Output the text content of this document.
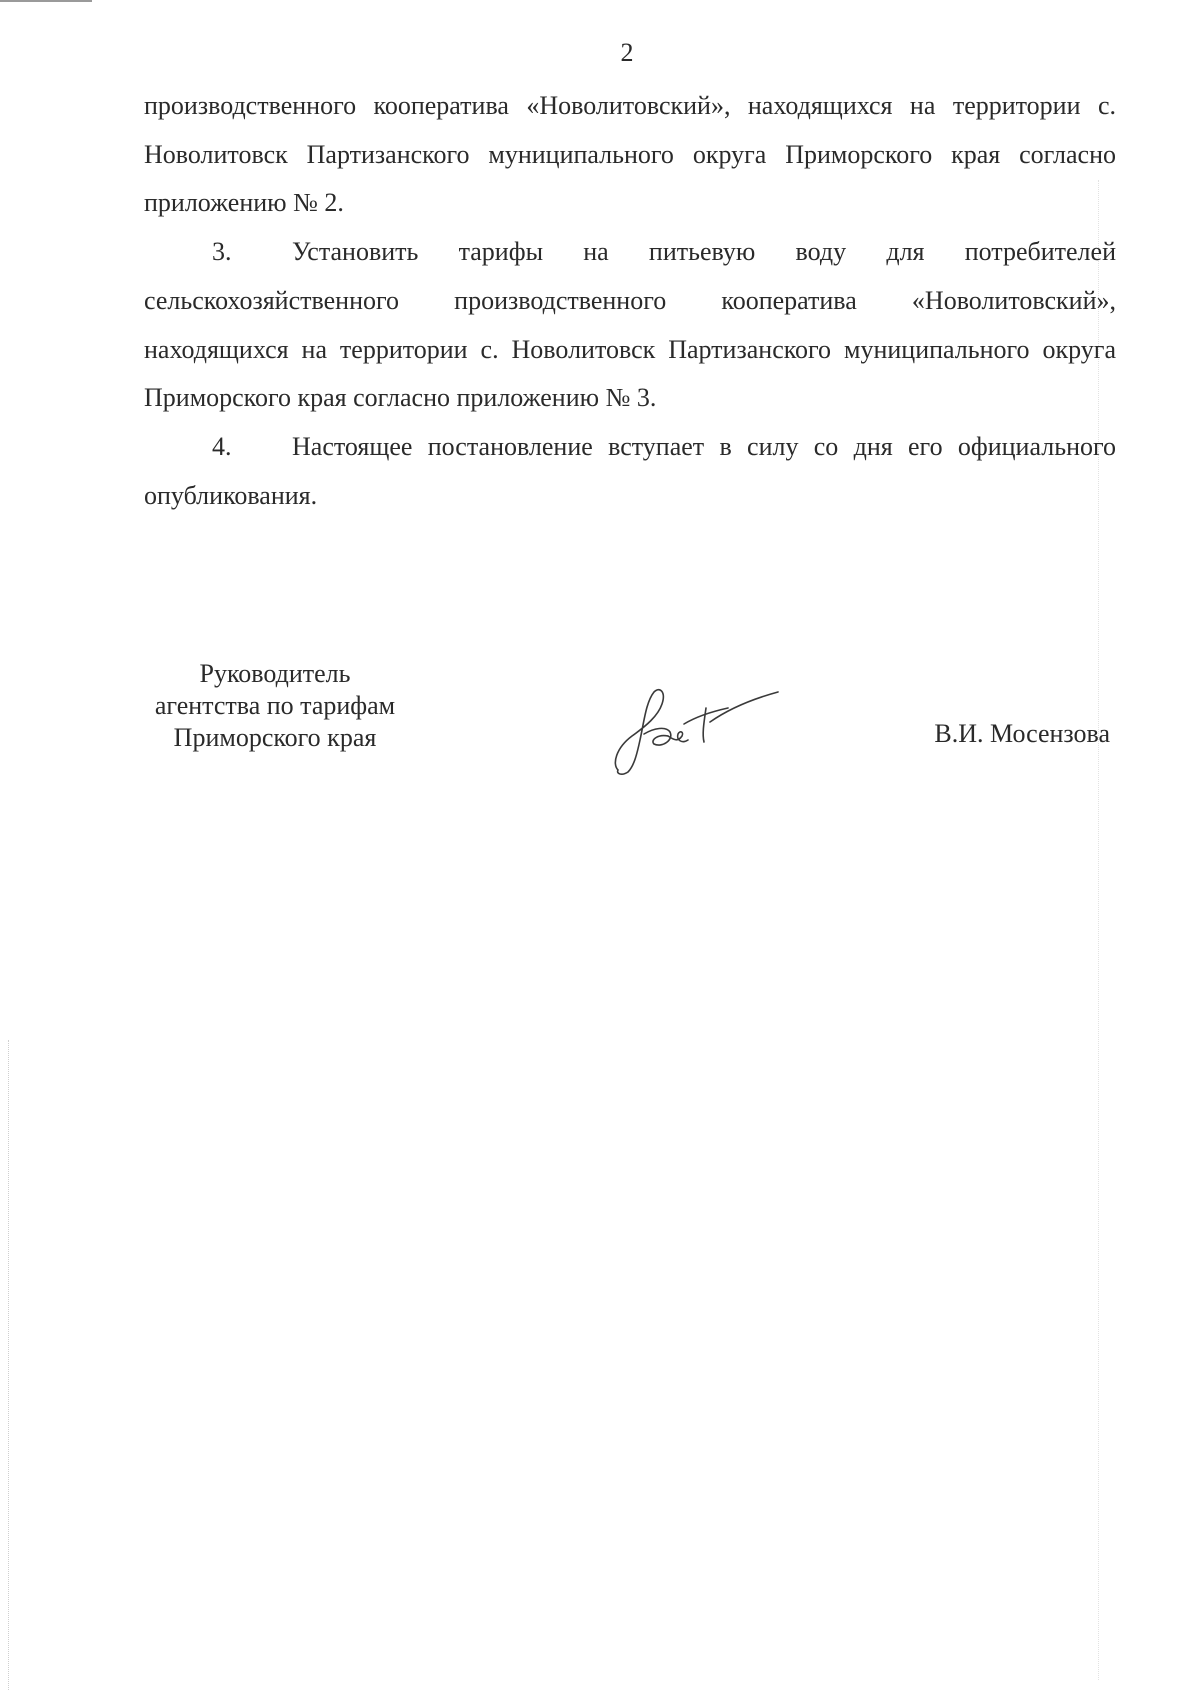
2

производственного кооператива «Новолитовский», находящихся на территории с. Новолитовск Партизанского муниципального округа Приморского края согласно приложению № 2.

3. Установить тарифы на питьевую воду для потребителей сельскохозяйственного производственного кооператива «Новолитовский», находящихся на территории с. Новолитовск Партизанского муниципального округа Приморского края согласно приложению № 3.

4. Настоящее постановление вступает в силу со дня его официального опубликования.

Руководитель
агентства по тарифам
Приморского края	В.И. Мосензова
